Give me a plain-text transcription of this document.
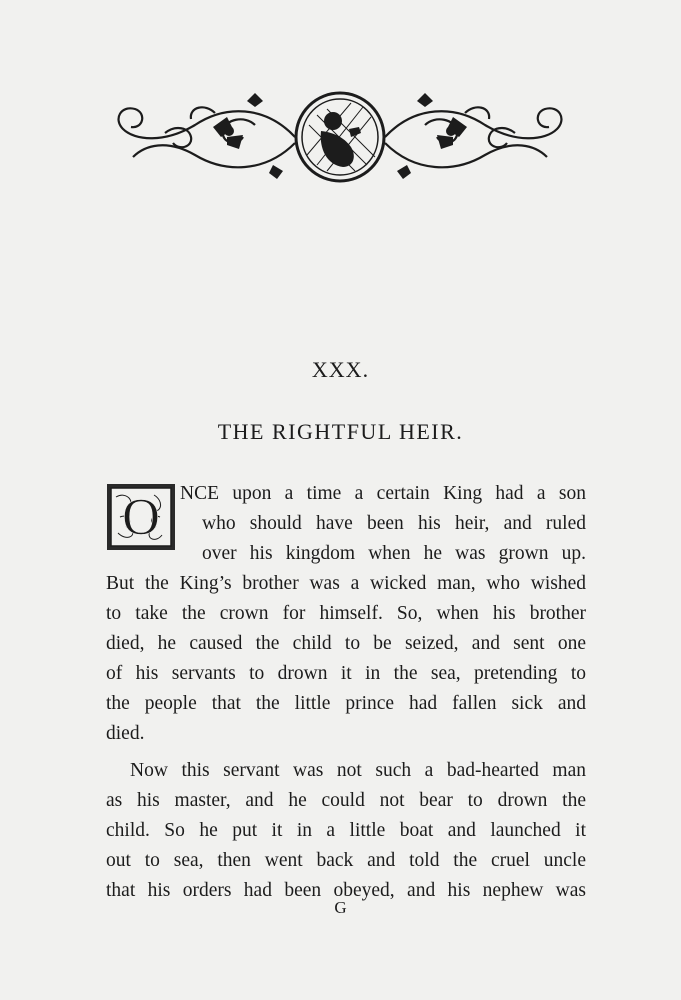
XXX.
THE RIGHTFUL HEIR.
O NCE upon a time a certain King had a son
who should have been his heir, and ruled
over his kingdom when he was grown up.
But the King’s brother was a wicked man, who wished
to take the crown for himself. So, when his brother
died, he caused the child to be seized, and sent one
of his servants to drown it in the sea, pretending to
the people that the little prince had fallen sick and
died.
Now this servant was not such a bad-hearted man
as his master, and he could not bear to drown the
child. So he put it in a little boat and launched it
out to sea, then went back and told the cruel uncle
that his orders had been obeyed, and his nephew was
G
